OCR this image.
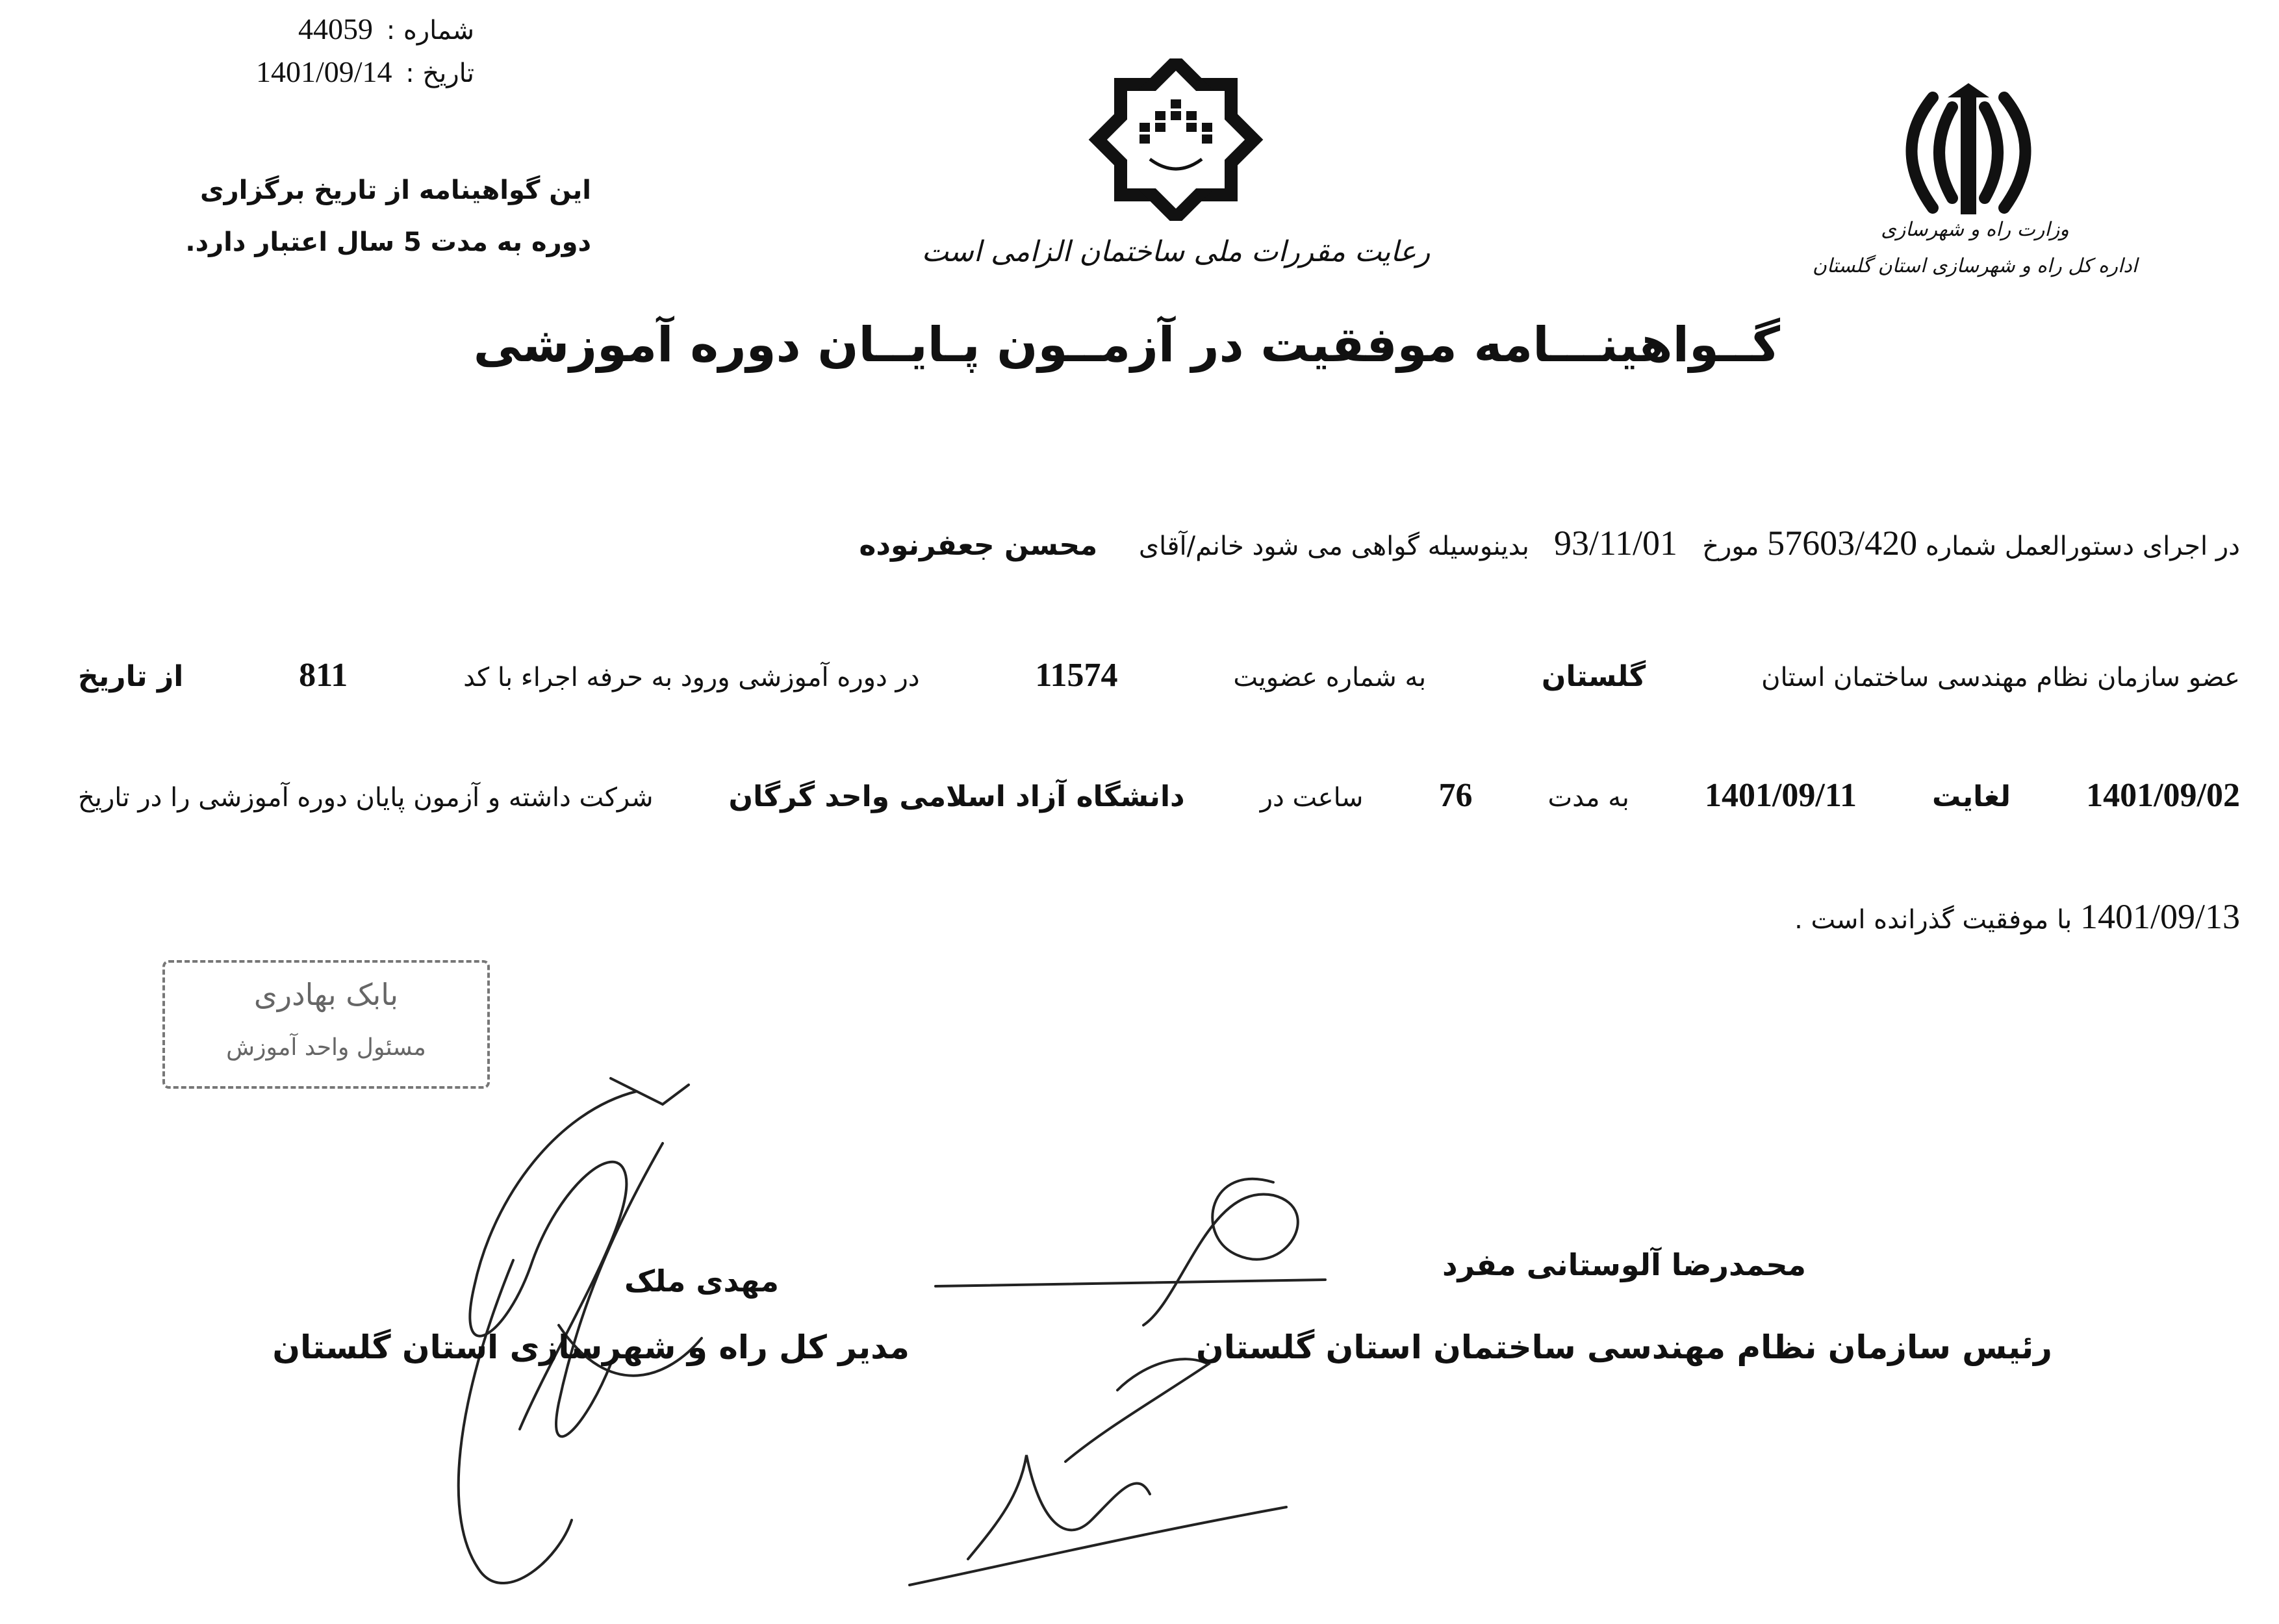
شماره : 44059
تاریخ : 1401/09/14
این گواهینامه از تاریخ برگزاری
دوره به مدت 5 سال اعتبار دارد.	رعایت مقررات ملی ساختمان الزامی است
وزارت راه و شهرسازی
اداره کل راه و شهرسازی استان گلستان
گــواهینـــامه موفقیت در آزمــون پـایــان دوره آموزشی
در اجرای دستورالعمل شماره 57603/420 مورخ   93/11/01   بدینوسیله گواهی می شود خانم/آقای     محسن جعفرنوده
عضو سازمان نظام مهندسی ساختمان استان
گلستان
به شماره عضویت
11574
در دوره آموزشی ورود به حرفه اجراء با کد
811
از تاریخ
1401/09/02
لغایت
1401/09/11
به مدت
76
ساعت در
دانشگاه آزاد اسلامی واحد گرگان
شرکت داشته و آزمون پایان دوره آموزشی را در تاریخ
1401/09/13 با موفقیت گذرانده است .
بابک بهادری
مسئول واحد آموزش
محمدرضا آلوستانی مفرد
رئیس سازمان نظام مهندسی ساختمان استان گلستان
مهدی ملک
مدیر کل راه و شهرسازی استان گلستان
